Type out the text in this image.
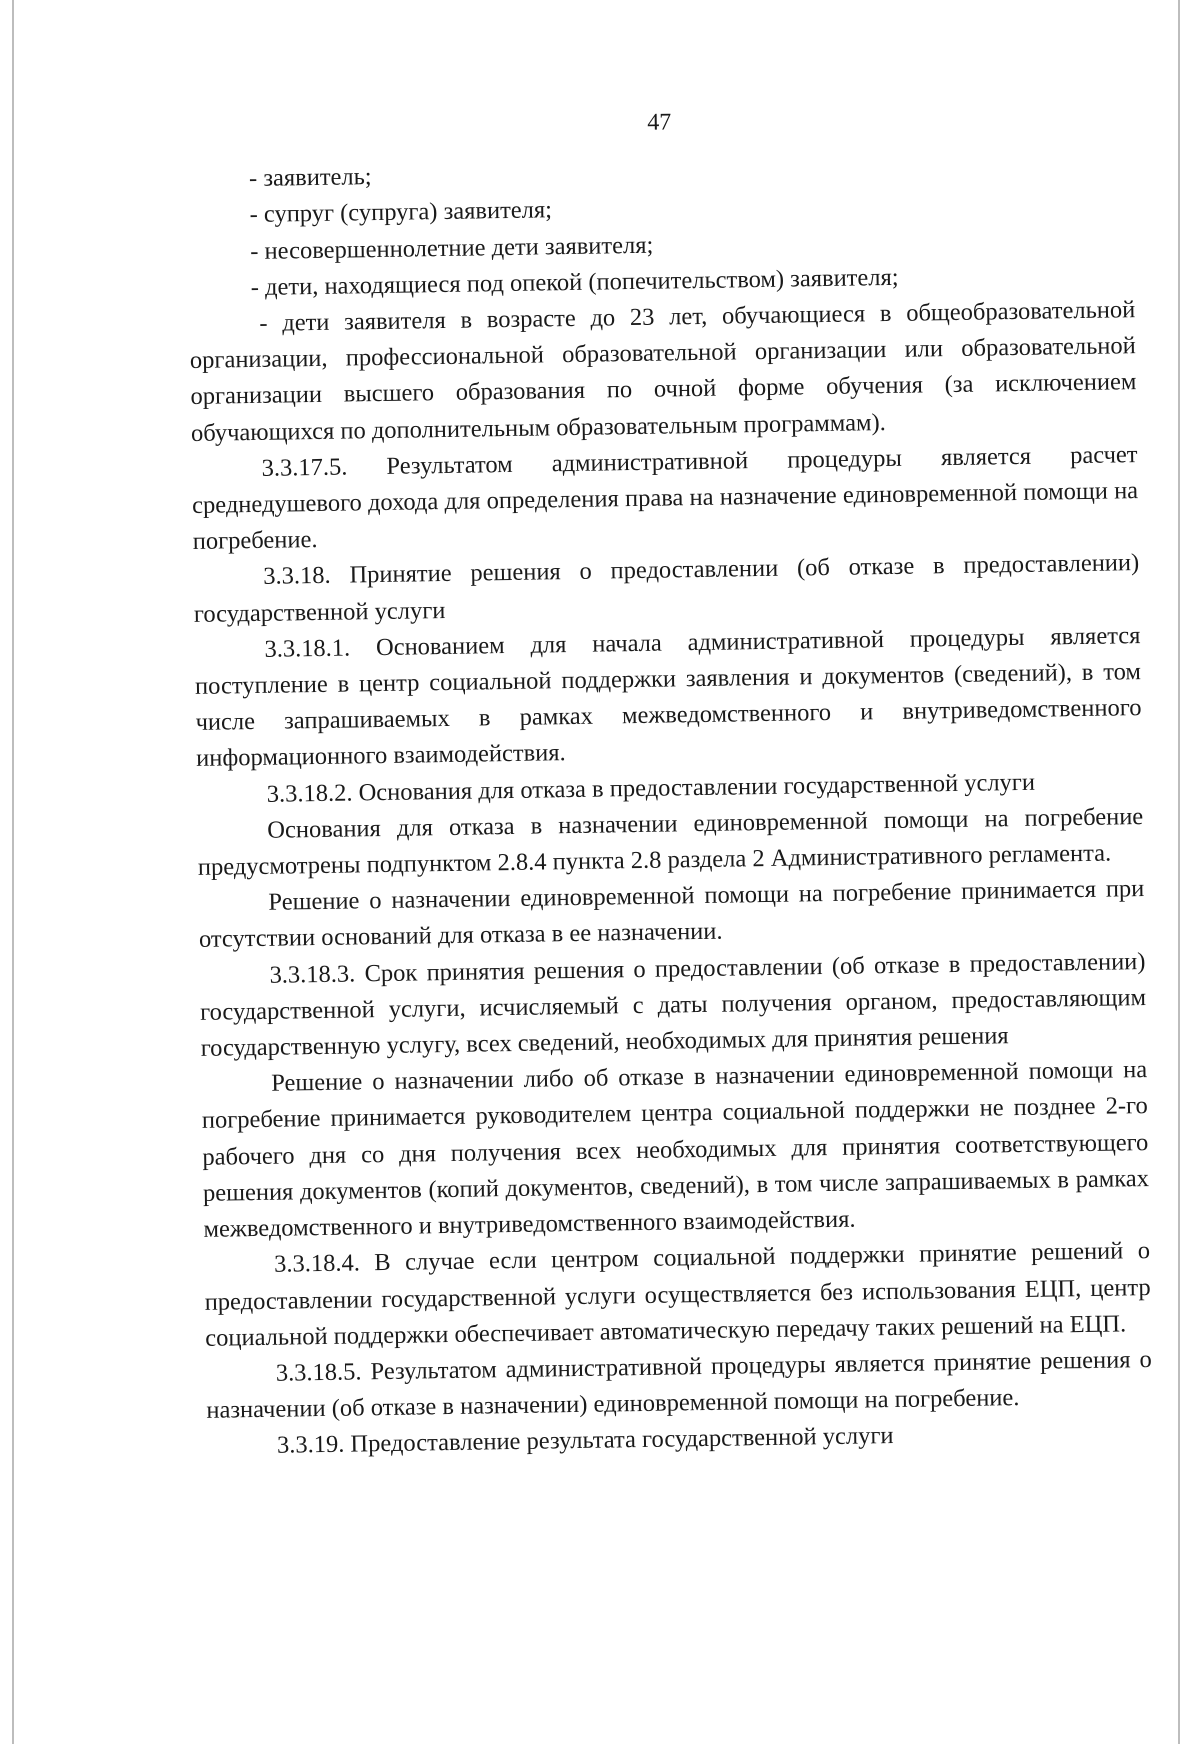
47

- заявитель;

- супруг (супруга) заявителя;

- несовершеннолетние дети заявителя;

- дети, находящиеся под опекой (попечительством) заявителя;

- дети заявителя в возрасте до 23 лет, обучающиеся в общеобразовательной организации, профессиональной образовательной организации или образовательной организации высшего образования по очной форме обучения (за исключением обучающихся по дополнительным образовательным программам).

3.3.17.5. Результатом административной процедуры является расчет среднедушевого дохода для определения права на назначение единовременной помощи на погребение.

3.3.18. Принятие решения о предоставлении (об отказе в предоставлении) государственной услуги

3.3.18.1. Основанием для начала административной процедуры является поступление в центр социальной поддержки заявления и документов (сведений), в том числе запрашиваемых в рамках межведомственного и внутриведомственного информационного взаимодействия.

3.3.18.2. Основания для отказа в предоставлении государственной услуги

Основания для отказа в назначении единовременной помощи на погребение предусмотрены подпунктом 2.8.4 пункта 2.8 раздела 2 Административного регламента.

Решение о назначении единовременной помощи на погребение принимается при отсутствии оснований для отказа в ее назначении.

3.3.18.3. Срок принятия решения о предоставлении (об отказе в предоставлении) государственной услуги, исчисляемый с даты получения органом, предоставляющим государственную услугу, всех сведений, необходимых для принятия решения

Решение о назначении либо об отказе в назначении единовременной помощи на погребение принимается руководителем центра социальной поддержки не позднее 2-го рабочего дня со дня получения всех необходимых для принятия соответствующего решения документов (копий документов, сведений), в том числе запрашиваемых в рамках межведомственного и внутриведомственного взаимодействия.

3.3.18.4. В случае если центром социальной поддержки принятие решений о предоставлении государственной услуги осуществляется без использования ЕЦП, центр социальной поддержки обеспечивает автоматическую передачу таких решений на ЕЦП.

3.3.18.5. Результатом административной процедуры является принятие решения о назначении (об отказе в назначении) единовременной помощи на погребение.

3.3.19. Предоставление результата государственной услуги
